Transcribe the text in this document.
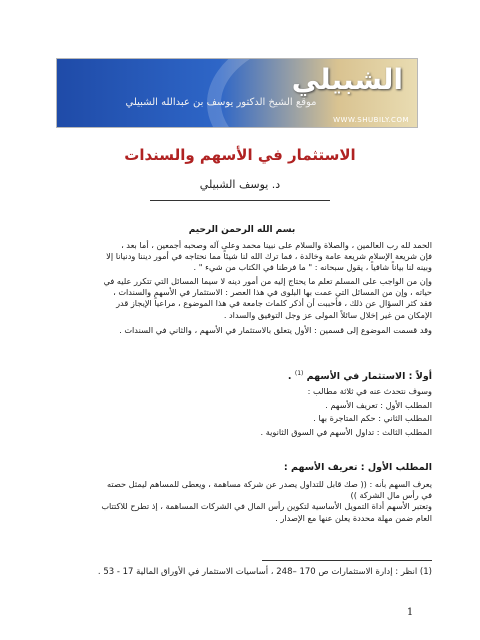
الشبيلي
موقع الشيخ الدكتور يوسف بن عبدالله الشبيلي
WWW.SHUBILY.COM
الاستثمار في الأسهم والسندات
د. يوسف الشبيلي
بسم الله الرحمن الرحيم
الحمد لله رب العالمين ، والصلاة والسلام على نبينا محمد وعلى آله وصحبه أجمعين ، أما بعد ،
فإن شريعة الإسلام شريعة عامة وخالدة ، فما ترك الله لنا شيئاً مما نحتاجه في أمور ديننا ودنيانا إلا
وبينه لنا بياناً شافياً ، يقول سبحانه : " ما فرطنا في الكتاب من شيء " .
وإن من الواجب على المسلم تعلم ما يحتاج إليه من أمور دينه لا سيما المسائل التي تتكرر عليه في
حياته ، وإن من المسائل التي عمت بها البلوى في هذا العصر : الاستثمار في الأسهم والسندات ،
فقد كثر السؤال عن ذلك ، فأحببت أن أذكر كلمات جامعة في هذا الموضوع ، مراعياً الإيجاز قدر
الإمكان من غير إخلال سائلاً المولى عز وجل التوفيق والسداد .
وقد قسمت الموضوع إلى قسمين : الأول يتعلق بالاستثمار في الأسهم ، والثاني في السندات .
أولاً : الاستثمار في الأسهم $^{(1)}$ .
وسوف نتحدث عنه في ثلاثة مطالب :
المطلب الأول : تعريف الأسهم .
المطلب الثاني : حكم المتاجرة بها .
المطلب الثالث : تداول الأسهم في السوق الثانوية .
المطلب الأول : تعريف الأسهم :
يعرف السهم بأنه : (( صك قابل للتداول يصدر عن شركة مساهمة ، ويعطى للمساهم ليمثل حصته
في رأس مال الشركة ))
وتعتبر الأسهم أداة التمويل الأساسية لتكوين رأس المال في الشركات المساهمة ، إذ تطرح للاكتتاب
العام ضمن مهلة محددة يعلن عنها مع الإصدار .
(1) انظر : إدارة الاستثمارات ص 170 –248 ، أساسيات الاستثمار في الأوراق المالية 17 - 53 .
1
